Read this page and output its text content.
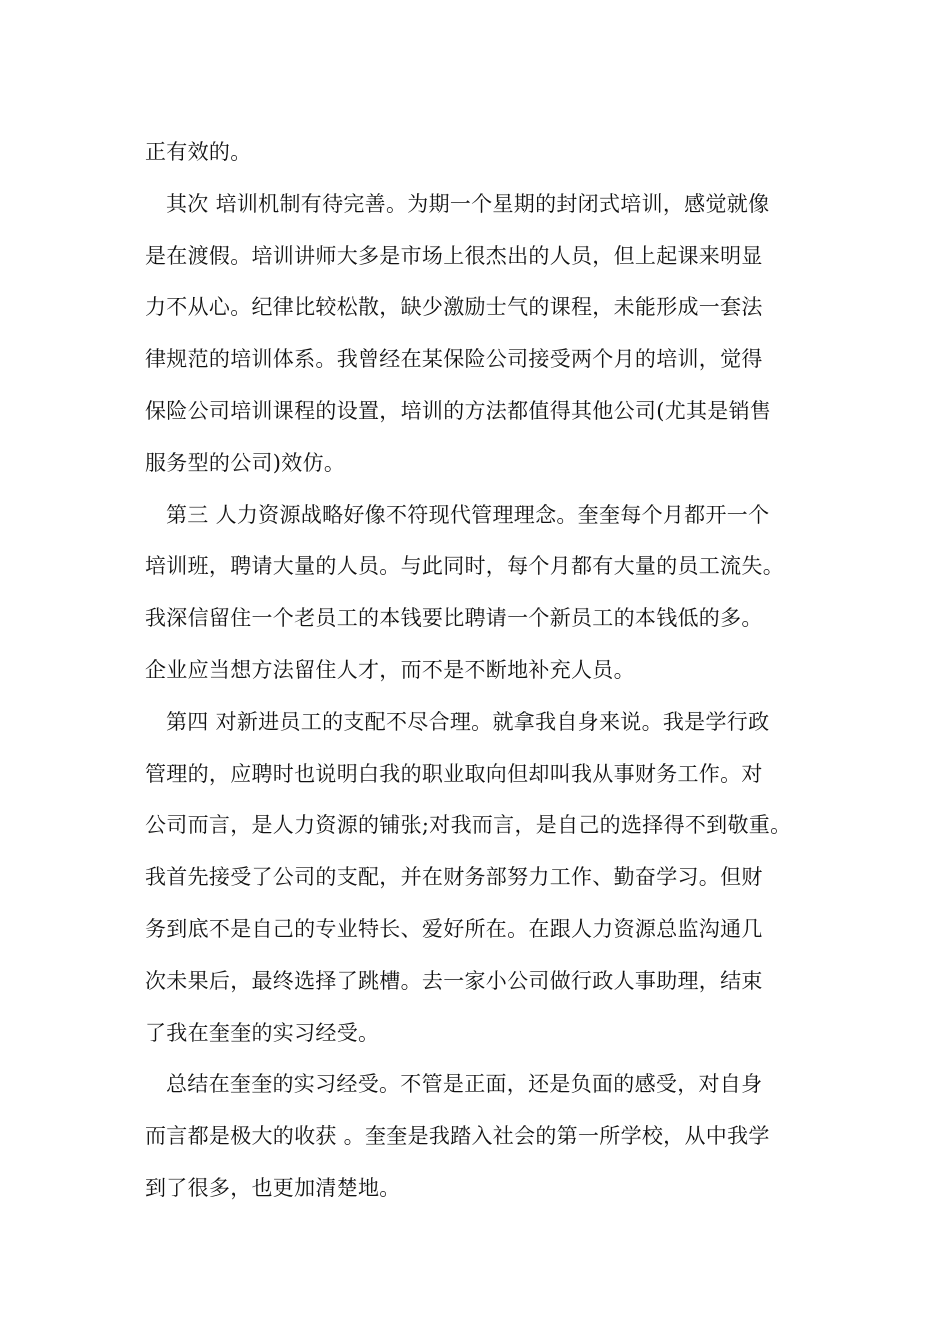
正有效的。
其次 培训机制有待完善。为期一个星期的封闭式培训，感觉就像
是在渡假。培训讲师大多是市场上很杰出的人员，但上起课来明显
力不从心。纪律比较松散，缺少激励士气的课程，未能形成一套法
律规范的培训体系。我曾经在某保险公司接受两个月的培训，觉得
保险公司培训课程的设置，培训的方法都值得其他公司(尤其是销售
服务型的公司)效仿。
第三 人力资源战略好像不符现代管理理念。奎奎每个月都开一个
培训班，聘请大量的人员。与此同时，每个月都有大量的员工流失。
我深信留住一个老员工的本钱要比聘请一个新员工的本钱低的多。
企业应当想方法留住人才，而不是不断地补充人员。
第四 对新进员工的支配不尽合理。就拿我自身来说。我是学行政
管理的，应聘时也说明白我的职业取向但却叫我从事财务工作。对
公司而言，是人力资源的铺张;对我而言，是自己的选择得不到敬重。
我首先接受了公司的支配，并在财务部努力工作、勤奋学习。但财
务到底不是自己的专业特长、爱好所在。在跟人力资源总监沟通几
次未果后，最终选择了跳槽。去一家小公司做行政人事助理，结束
了我在奎奎的实习经受。
总结在奎奎的实习经受。不管是正面，还是负面的感受，对自身
而言都是极大的收获 。奎奎是我踏入社会的第一所学校，从中我学
到了很多，也更加清楚地。
